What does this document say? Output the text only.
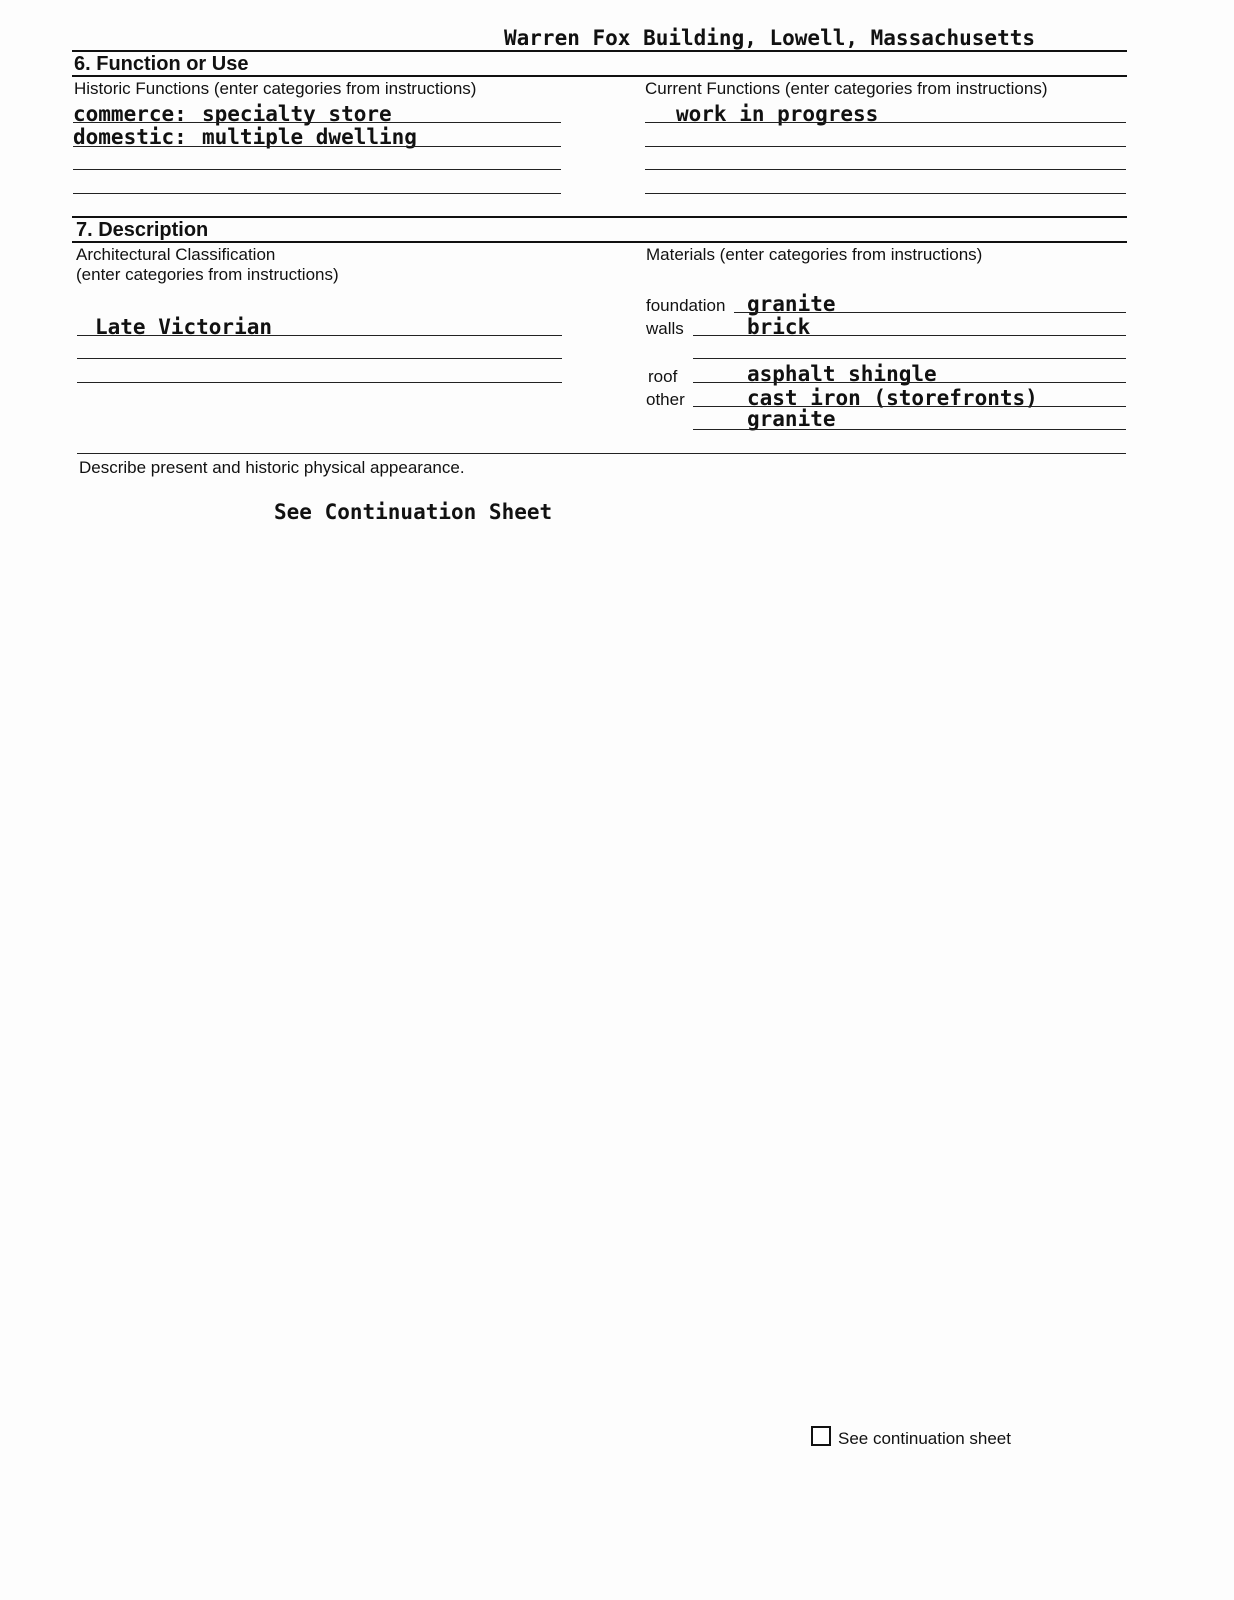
Warren Fox Building, Lowell, Massachusetts
6. Function or Use
Historic Functions (enter categories from instructions)	Current Functions (enter categories from instructions)
commerce: specialty store
domestic: multiple dwelling
work in progress
7. Description
Architectural Classification
(enter categories from instructions)
Materials (enter categories from instructions)
Late Victorian
foundation granite
walls	brick
roof	asphalt shingle
other	cast iron (storefronts)
granite
Describe present and historic physical appearance.
See Continuation Sheet
See continuation sheet
